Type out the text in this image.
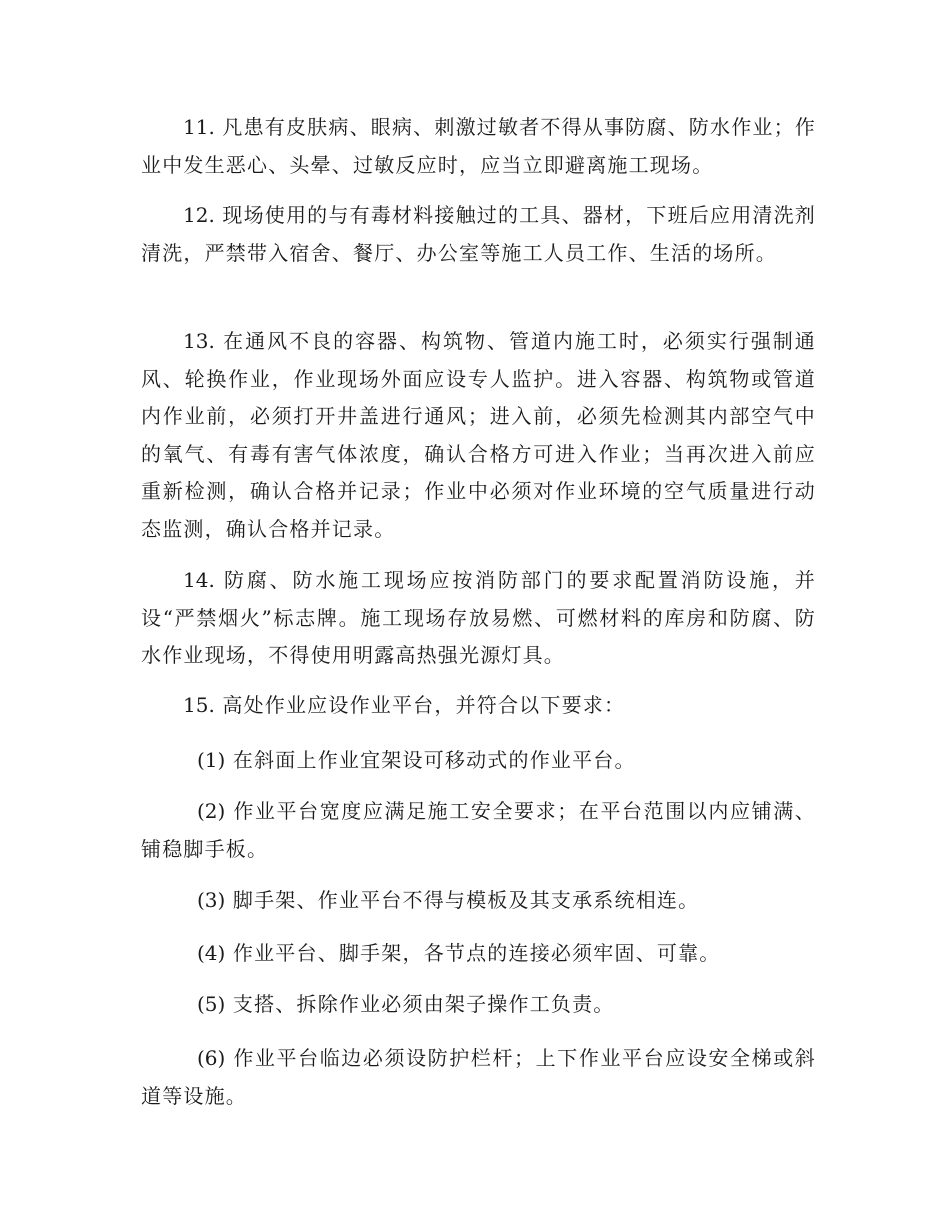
11. 凡患有皮肤病、眼病、刺激过敏者不得从事防腐、防水作业；作业中发生恶心、头晕、过敏反应时，应当立即避离施工现场。

12. 现场使用的与有毒材料接触过的工具、器材，下班后应用清洗剂清洗，严禁带入宿舍、餐厅、办公室等施工人员工作、生活的场所。

13. 在通风不良的容器、构筑物、管道内施工时，必须实行强制通风、轮换作业，作业现场外面应设专人监护。进入容器、构筑物或管道内作业前，必须打开井盖进行通风；进入前，必须先检测其内部空气中的氧气、有毒有害气体浓度，确认合格方可进入作业；当再次进入前应重新检测，确认合格并记录；作业中必须对作业环境的空气质量进行动态监测，确认合格并记录。

14. 防腐、防水施工现场应按消防部门的要求配置消防设施，并设“严禁烟火”标志牌。施工现场存放易燃、可燃材料的库房和防腐、防水作业现场，不得使用明露高热强光源灯具。

15. 高处作业应设作业平台，并符合以下要求：

(1) 在斜面上作业宜架设可移动式的作业平台。

(2) 作业平台宽度应满足施工安全要求；在平台范围以内应铺满、铺稳脚手板。

(3) 脚手架、作业平台不得与模板及其支承系统相连。

(4) 作业平台、脚手架，各节点的连接必须牢固、可靠。

(5) 支搭、拆除作业必须由架子操作工负责。

(6) 作业平台临边必须设防护栏杆；上下作业平台应设安全梯或斜道等设施。
